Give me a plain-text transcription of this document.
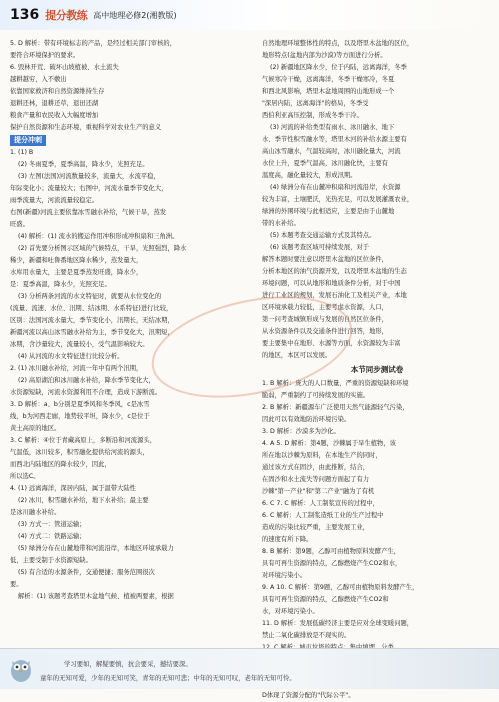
136 提分教练 高中地理必修2(湘教版)
5. D 解析：带有环境标志的产品，是经过相关部门审核的，
要符合环境保护的要求。
6. 毁林开荒、破坏山坡植被、水土流失
越耕越穷，入不敷出
依靠国家救济和自然资源维持生存
退耕还林，退耕还草，退田还湖
粮食产量和农民收入大幅度增加
保护自然资源和生态环境，重视科学对农业生产的意义
提分冲刺
1. (1) B
(2) 冬雨夏季，夏季高温，降水少，光照充足。
(3) 左图(法国)河流数量较多，流量大，水流平稳，
年际变化小；流量较大；右图中，河流水量季节变化大，
雨季流量大，河流流量较稳定。
右图(新疆)河流主要依靠冰雪融水补给，气候干旱，蒸发
旺盛。
(4) 解析：(1) 流水的搬运作用冲积形成冲积扇和三角洲。
(2) 首先要分析图示区域的气候特点，干旱，光照强烈，降水
稀少，新疆和吐鲁番地区降水稀少，蒸发量大，
水库用水量大，主要是夏季蒸发旺盛，降水少，
是：夏季高温，降水少，光照充足。
(3) 分析两条河流的水文特征时，就要从水位变化的
(流量、流速、水位、汛期、结冰期、水系特征)进行比较，
区别：法国河流水量大，季节变化小，汛期长，无结冰期，
新疆河流以高山冰雪融水补给为主，季节变化大，汛期短，
冰期，含沙量较大，流量较小，受气温影响较大。
(4) 从河流的水文特征进行比较分析。
2. (1) 冰川融水补给，河流一年中有两个汛期，
(2) 高原湖泊和冰川融水补给，降水季节变化大，
水资源短缺，河流水资源利用不合理，造成下游断流。
3. D 解析：a、b分别是夏季风和冬季风，c是冰雪
线，b为河西走廊，地势较平坦，降水少，c是位于
黄土高原的地区。
3. C 解析：④位于青藏高原上，多断沿和河流源头，
气温低，冰川较多，积雪融化提供给河流的源头，
而西北内陆地区的降水较少，因此，
所以选C。
4. (1) 远离海洋，深居内陆，属于温带大陆性
(2) 冰川，积雪融水补给，地下水补给；最主要
是冰川融水补给。
(3) 方式一：管道运输；
(4) 方式二：铁路运输；
(5) 绿洲分布在山麓地带和河流沿岸，本地区环境承载力
低，主要受制于水资源短缺。
(5) 有合适的水源条件，交通便捷；服务范围很次
要。
解析：(1) 该题考查塔里木盆地气候、植被两要素，根据
自然地理环境整体性的特点，以及塔里木盆地的区位，
地形特点(盆地内部为沙漠)等方面进行分析。
(2) 新疆地区降水少，位于内陆，远离海洋，冬季
气候寒冷干燥，远离海洋，冬季干燥寒冷，冬夏
和西北风影响，塔里木盆地周围的山地形成一个
"深居内陆，远离海洋"的格局，冬季受
西伯利亚高压控制，形成冬季干冷。
(3) 河流的补给类型有雨水、冰川融水、地下
水、季节性积雪融水等，塔里木河的补给水源主要有
高山冰雪融水，气温较高时，冰川融化量大，河流
水位上升，夏季气温高，冰川融化快，主要有
温度高，融化量较大，形成汛期。
(4) 绿洲分布在山麓冲积扇和河流沿岸，水资源
较为丰富，土壤肥沃，光热充足，可以发展灌溉农业，
绿洲的外围环境与此相适应，主要是由于山麓地
带的水补给。
(5) 本题考查交通运输方式及其特点。
(6) 该题考查区域可持续发展，对于
解答本题时要注意以塔里木盆地的区位条件，
分析本地区的油气资源开发，以及塔里木盆地的生态
环境问题，可以从地形和地质条件分析，对于中国
进行工业区的规划，发展石油化工及相关产业，本地
区环境承载力较低，主要考虑水资源，人口，
第一问考查城镇形成与发展的自然区位条件，
从水资源条件以及交通条件进行回答，地形，
要主要集中在地形、水源等方面，水资源较为丰富
的地区，本区可以发展。
本节同步测试卷
1. B 解析：庞大的人口数量，严重的资源短缺和环境
脆弱，严重制约了可持续发展的实施。
2. B 解析：新疆源车广泛使用天然气能源轻气污染，
因此可以有效地防治环境污染。
3. D 解析：沙漠多为沙化。
4. A 5. D 解析：第4题，沙棘属于旱生植物，该
所在地以沙棘为原料，在本地生产的同时，
通过该方式在固沙，由此推断，结合，
在固沙和水土流失等问题方面起了有力
沙棘"第一产业"和"第二产业"融为了有机
6. C 7. C 解析：人工制浆宣传的过程中，
6. C 解析：人工制浆造纸工业的生产过程中
造成的污染比较严重，主要发展工业，
的速度有所下降。
8. B 解析：第9题，乙醇可由植物原料发酵产生，
具有可再生资源的特点，乙醇燃烧产生CO2和水，
对环境污染小。
9. A 10. C 解析：第9题，乙醇可由植物原料发酵产生，
具有可再生资源的特点，乙醇燃烧产生CO2和
水，对环境污染小。
11. D 解析：发展低碳经济主要是应对全球变暖问题，
禁止二氧化碳排放是不现实的。
D体现了资源分配的"代际公平"。
学习要如，解疑要慎，抗会要采，撼结要深。
童年的无知可爱，少年的无知可笑，青年的无知可悲；中年的无知可叹，老年的无知可怜。
